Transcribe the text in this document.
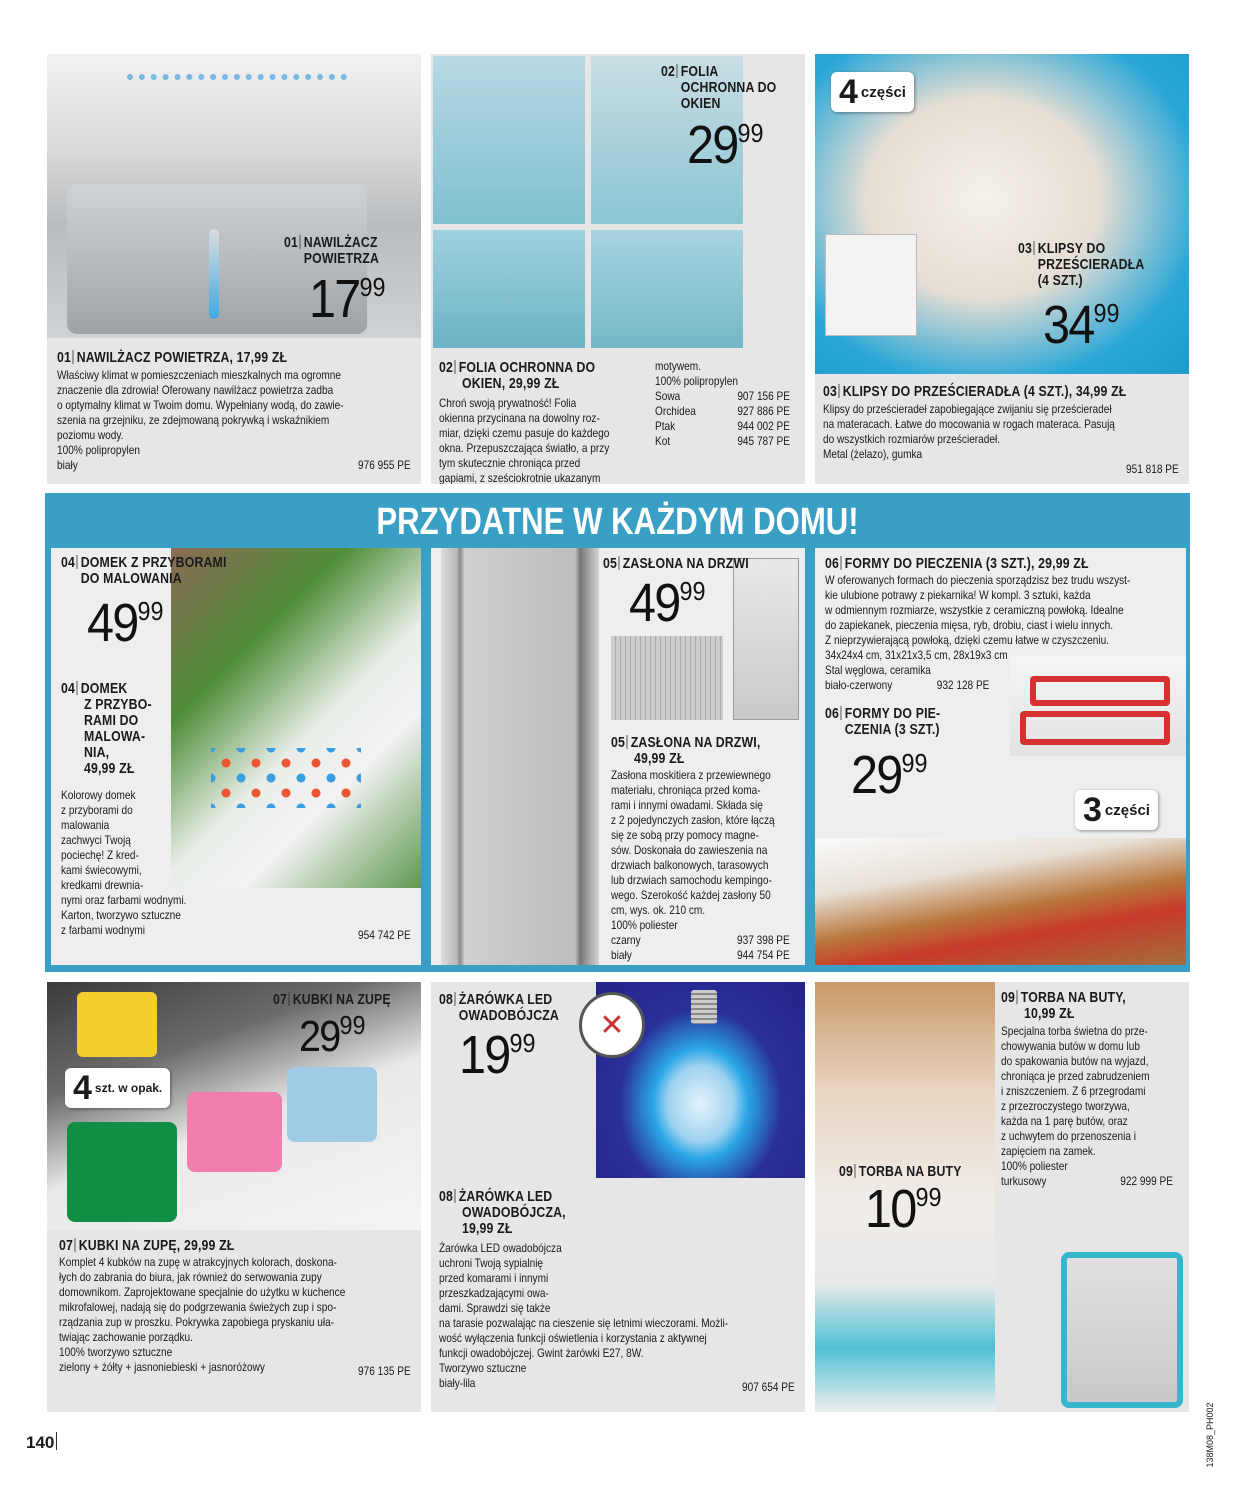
01 NAWILŻACZ POWIETRZA
$17^{99}$
01 NAWILŻACZ POWIETRZA, 17,99 ZŁ
Właściwy klimat w pomieszczeniach mieszkalnych ma ogromne
znaczenie dla zdrowia! Oferowany nawilżacz powietrza zadba
o optymalny klimat w Twoim domu. Wypełniany wodą, do zawie-
szenia na grzejniku, ze zdejmowaną pokrywką i wskaźnikiem
poziomu wody.
100% polipropylen
biały	976 955 PE
02 FOLIA OCHRONNA DO OKIEN
$29^{99}$
02 FOLIA OCHRONNA DO
OKIEN, 29,99 ZŁ
Chroń swoją prywatność! Folia
okienna przycinana na dowolny roz-
miar, dzięki czemu pasuje do każdego
okna. Przepuszczająca światło, a przy
tym skutecznie chroniąca przed
gapiami, z sześciokrotnie ukazanym
motywem.
100% polipropylen
Sowa	907 156 PE
Orchidea	927 886 PE
Ptak	944 002 PE
Kot	945 787 PE
4 części
03 KLIPSY DO PRZEŚCIERADŁA (4 SZT.)
$34^{99}$
03 KLIPSY DO PRZEŚCIERADŁA (4 SZT.), 34,99 ZŁ
Klipsy do prześcieradeł zapobiegające zwijaniu się prześcieradeł
na materacach. Łatwe do mocowania w rogach materaca. Pasują
do wszystkich rozmiarów prześcieradeł.
Metal (żelazo), gumka
951 818 PE
PRZYDATNE W KAŻDYM DOMU!
04 DOMEK Z PRZYBORAMI DO MALOWANIA
$49^{99}$
04 DOMEK
Z PRZYBO-
RAMI DO
MALOWA-
NIA,
49,99 ZŁ
Kolorowy domek
z przyborami do
malowania
zachwyci Twoją
pociechę! Z kred-
kami świecowymi,
kredkami drewnia-
nymi oraz farbami wodnymi.
Karton, tworzywo sztuczne
z farbami wodnymi	954 742 PE
05 ZASŁONA NA DRZWI
$49^{99}$
05 ZASŁONA NA DRZWI,
49,99 ZŁ
Zasłona moskitiera z przewiewnego
materiału, chroniąca przed koma-
rami i innymi owadami. Składa się
z 2 pojedynczych zasłon, które łączą
się ze sobą przy pomocy magne-
sów. Doskonała do zawieszenia na
drzwiach balkonowych, tarasowych
lub drzwiach samochodu kempingo-
wego. Szerokość każdej zasłony 50
cm, wys. ok. 210 cm.
100% poliester
czarny	937 398 PE
biały	944 754 PE
3 części
06 FORMY DO PIECZENIA (3 SZT.), 29,99 ZŁ
W oferowanych formach do pieczenia sporządzisz bez trudu wszyst-
kie ulubione potrawy z piekarnika! W kompl. 3 sztuki, każda
w odmiennym rozmiarze, wszystkie z ceramiczną powłoką. Idealne
do zapiekanek, pieczenia mięsa, ryb, drobiu, ciast i wielu innych.
Z nieprzywierającą powłoką, dzięki czemu łatwe w czyszczeniu.
34x24x4 cm, 31x21x3,5 cm, 28x19x3 cm
Stal węglowa, ceramika
biało-czerwony	932 128 PE
06 FORMY DO PIE-CZENIA (3 SZT.)
$29^{99}$
4 szt. w opak.
07 KUBKI NA ZUPĘ
$29^{99}$
07 KUBKI NA ZUPĘ, 29,99 ZŁ
Komplet 4 kubków na zupę w atrakcyjnych kolorach, doskona-
łych do zabrania do biura, jak również do serwowania zupy
domownikom. Zaprojektowane specjalnie do użytku w kuchence
mikrofalowej, nadają się do podgrzewania świeżych zup i spo-
rządzania zup w proszku. Pokrywka zapobiega pryskaniu uła-
twiając zachowanie porządku.
100% tworzywo sztuczne
zielony + żółty + jasnoniebieski + jasnoróżowy	976 135 PE
✕
08 ŻARÓWKA LED OWADOBÓJCZA
$19^{99}$
08 ŻARÓWKA LED
OWADOBÓJCZA,
19,99 ZŁ
Żarówka LED owadobójcza
uchroni Twoją sypialnię
przed komarami i innymi
przeszkadzającymi owa-
dami. Sprawdzi się także
na tarasie pozwalając na cieszenie się letnimi wieczorami. Możli-
wość wyłączenia funkcji oświetlenia i korzystania z aktywnej
funkcji owadobójczej. Gwint żarówki E27, 8W.
Tworzywo sztuczne
biały-lila	907 654 PE
09 TORBA NA BUTY,
10,99 ZŁ
Specjalna torba świetna do prze-
chowywania butów w domu lub
do spakowania butów na wyjazd,
chroniąca je przed zabrudzeniem
i zniszczeniem. Z 6 przegrodami
z przezroczystego tworzywa,
każda na 1 parę butów, oraz
z uchwytem do przenoszenia i
zapięciem na zamek.
100% poliester
turkusowy	922 999 PE
09 TORBA NA BUTY
$10^{99}$
140	138M08_PH002
